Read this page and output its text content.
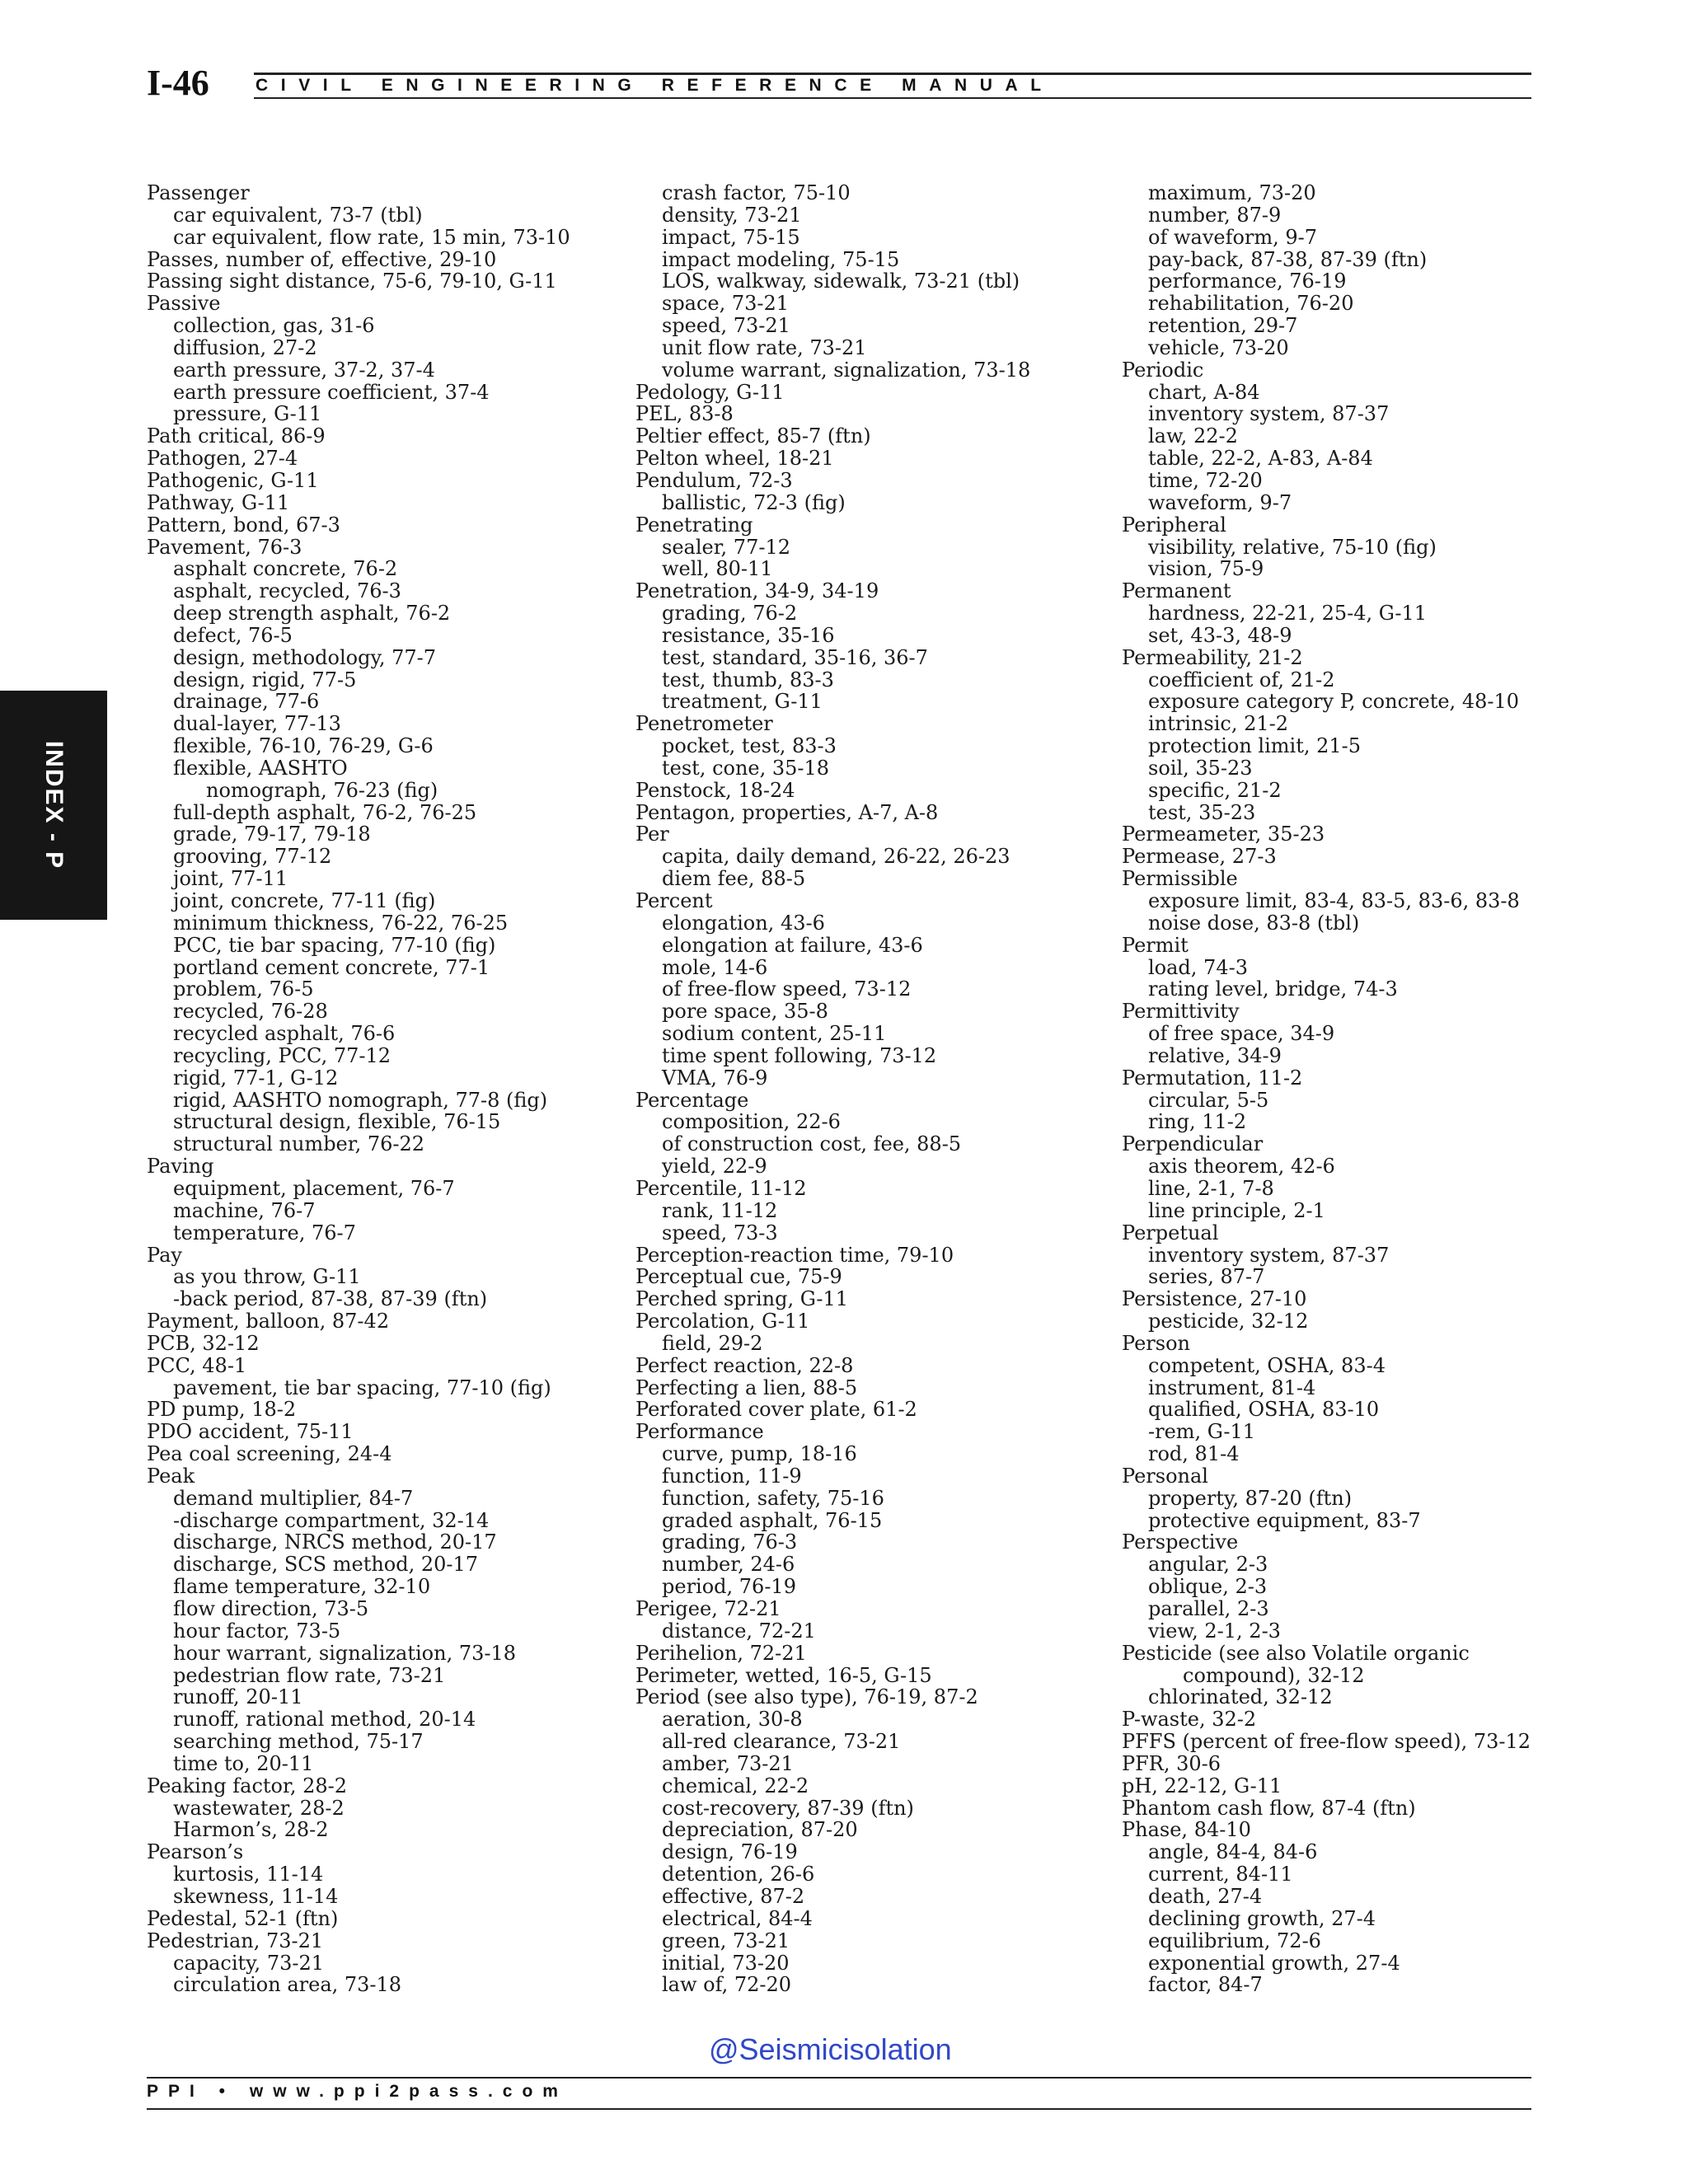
I-46	CIVIL ENGINEERING REFERENCE MANUAL
INDEX - P
Passenger
car equivalent, 73-7 (tbl)
car equivalent, flow rate, 15 min, 73-10
Passes, number of, effective, 29-10
Passing sight distance, 75-6, 79-10, G-11
Passive
collection, gas, 31-6
diffusion, 27-2
earth pressure, 37-2, 37-4
earth pressure coefficient, 37-4
pressure, G-11
Path critical, 86-9
Pathogen, 27-4
Pathogenic, G-11
Pathway, G-11
Pattern, bond, 67-3
Pavement, 76-3
asphalt concrete, 76-2
asphalt, recycled, 76-3
deep strength asphalt, 76-2
defect, 76-5
design, methodology, 77-7
design, rigid, 77-5
drainage, 77-6
dual-layer, 77-13
flexible, 76-10, 76-29, G-6
flexible, AASHTO
nomograph, 76-23 (fig)
full-depth asphalt, 76-2, 76-25
grade, 79-17, 79-18
grooving, 77-12
joint, 77-11
joint, concrete, 77-11 (fig)
minimum thickness, 76-22, 76-25
PCC, tie bar spacing, 77-10 (fig)
portland cement concrete, 77-1
problem, 76-5
recycled, 76-28
recycled asphalt, 76-6
recycling, PCC, 77-12
rigid, 77-1, G-12
rigid, AASHTO nomograph, 77-8 (fig)
structural design, flexible, 76-15
structural number, 76-22
Paving
equipment, placement, 76-7
machine, 76-7
temperature, 76-7
Pay
as you throw, G-11
-back period, 87-38, 87-39 (ftn)
Payment, balloon, 87-42
PCB, 32-12
PCC, 48-1
pavement, tie bar spacing, 77-10 (fig)
PD pump, 18-2
PDO accident, 75-11
Pea coal screening, 24-4
Peak
demand multiplier, 84-7
-discharge compartment, 32-14
discharge, NRCS method, 20-17
discharge, SCS method, 20-17
flame temperature, 32-10
flow direction, 73-5
hour factor, 73-5
hour warrant, signalization, 73-18
pedestrian flow rate, 73-21
runoff, 20-11
runoff, rational method, 20-14
searching method, 75-17
time to, 20-11
Peaking factor, 28-2
wastewater, 28-2
Harmon’s, 28-2
Pearson’s
kurtosis, 11-14
skewness, 11-14
Pedestal, 52-1 (ftn)
Pedestrian, 73-21
capacity, 73-21
circulation area, 73-18
crash factor, 75-10
density, 73-21
impact, 75-15
impact modeling, 75-15
LOS, walkway, sidewalk, 73-21 (tbl)
space, 73-21
speed, 73-21
unit flow rate, 73-21
volume warrant, signalization, 73-18
Pedology, G-11
PEL, 83-8
Peltier effect, 85-7 (ftn)
Pelton wheel, 18-21
Pendulum, 72-3
ballistic, 72-3 (fig)
Penetrating
sealer, 77-12
well, 80-11
Penetration, 34-9, 34-19
grading, 76-2
resistance, 35-16
test, standard, 35-16, 36-7
test, thumb, 83-3
treatment, G-11
Penetrometer
pocket, test, 83-3
test, cone, 35-18
Penstock, 18-24
Pentagon, properties, A-7, A-8
Per
capita, daily demand, 26-22, 26-23
diem fee, 88-5
Percent
elongation, 43-6
elongation at failure, 43-6
mole, 14-6
of free-flow speed, 73-12
pore space, 35-8
sodium content, 25-11
time spent following, 73-12
VMA, 76-9
Percentage
composition, 22-6
of construction cost, fee, 88-5
yield, 22-9
Percentile, 11-12
rank, 11-12
speed, 73-3
Perception-reaction time, 79-10
Perceptual cue, 75-9
Perched spring, G-11
Percolation, G-11
field, 29-2
Perfect reaction, 22-8
Perfecting a lien, 88-5
Perforated cover plate, 61-2
Performance
curve, pump, 18-16
function, 11-9
function, safety, 75-16
graded asphalt, 76-15
grading, 76-3
number, 24-6
period, 76-19
Perigee, 72-21
distance, 72-21
Perihelion, 72-21
Perimeter, wetted, 16-5, G-15
Period (see also type), 76-19, 87-2
aeration, 30-8
all-red clearance, 73-21
amber, 73-21
chemical, 22-2
cost-recovery, 87-39 (ftn)
depreciation, 87-20
design, 76-19
detention, 26-6
effective, 87-2
electrical, 84-4
green, 73-21
initial, 73-20
law of, 72-20
maximum, 73-20
number, 87-9
of waveform, 9-7
pay-back, 87-38, 87-39 (ftn)
performance, 76-19
rehabilitation, 76-20
retention, 29-7
vehicle, 73-20
Periodic
chart, A-84
inventory system, 87-37
law, 22-2
table, 22-2, A-83, A-84
time, 72-20
waveform, 9-7
Peripheral
visibility, relative, 75-10 (fig)
vision, 75-9
Permanent
hardness, 22-21, 25-4, G-11
set, 43-3, 48-9
Permeability, 21-2
coefficient of, 21-2
exposure category P, concrete, 48-10
intrinsic, 21-2
protection limit, 21-5
soil, 35-23
specific, 21-2
test, 35-23
Permeameter, 35-23
Permease, 27-3
Permissible
exposure limit, 83-4, 83-5, 83-6, 83-8
noise dose, 83-8 (tbl)
Permit
load, 74-3
rating level, bridge, 74-3
Permittivity
of free space, 34-9
relative, 34-9
Permutation, 11-2
circular, 5-5
ring, 11-2
Perpendicular
axis theorem, 42-6
line, 2-1, 7-8
line principle, 2-1
Perpetual
inventory system, 87-37
series, 87-7
Persistence, 27-10
pesticide, 32-12
Person
competent, OSHA, 83-4
instrument, 81-4
qualified, OSHA, 83-10
-rem, G-11
rod, 81-4
Personal
property, 87-20 (ftn)
protective equipment, 83-7
Perspective
angular, 2-3
oblique, 2-3
parallel, 2-3
view, 2-1, 2-3
Pesticide (see also Volatile organic
compound), 32-12
chlorinated, 32-12
P-waste, 32-2
PFFS (percent of free-flow speed), 73-12
PFR, 30-6
pH, 22-12, G-11
Phantom cash flow, 87-4 (ftn)
Phase, 84-10
angle, 84-4, 84-6
current, 84-11
death, 27-4
declining growth, 27-4
equilibrium, 72-6
exponential growth, 27-4
factor, 84-7
@Seismicisolation
PPI • www.ppi2pass.com
